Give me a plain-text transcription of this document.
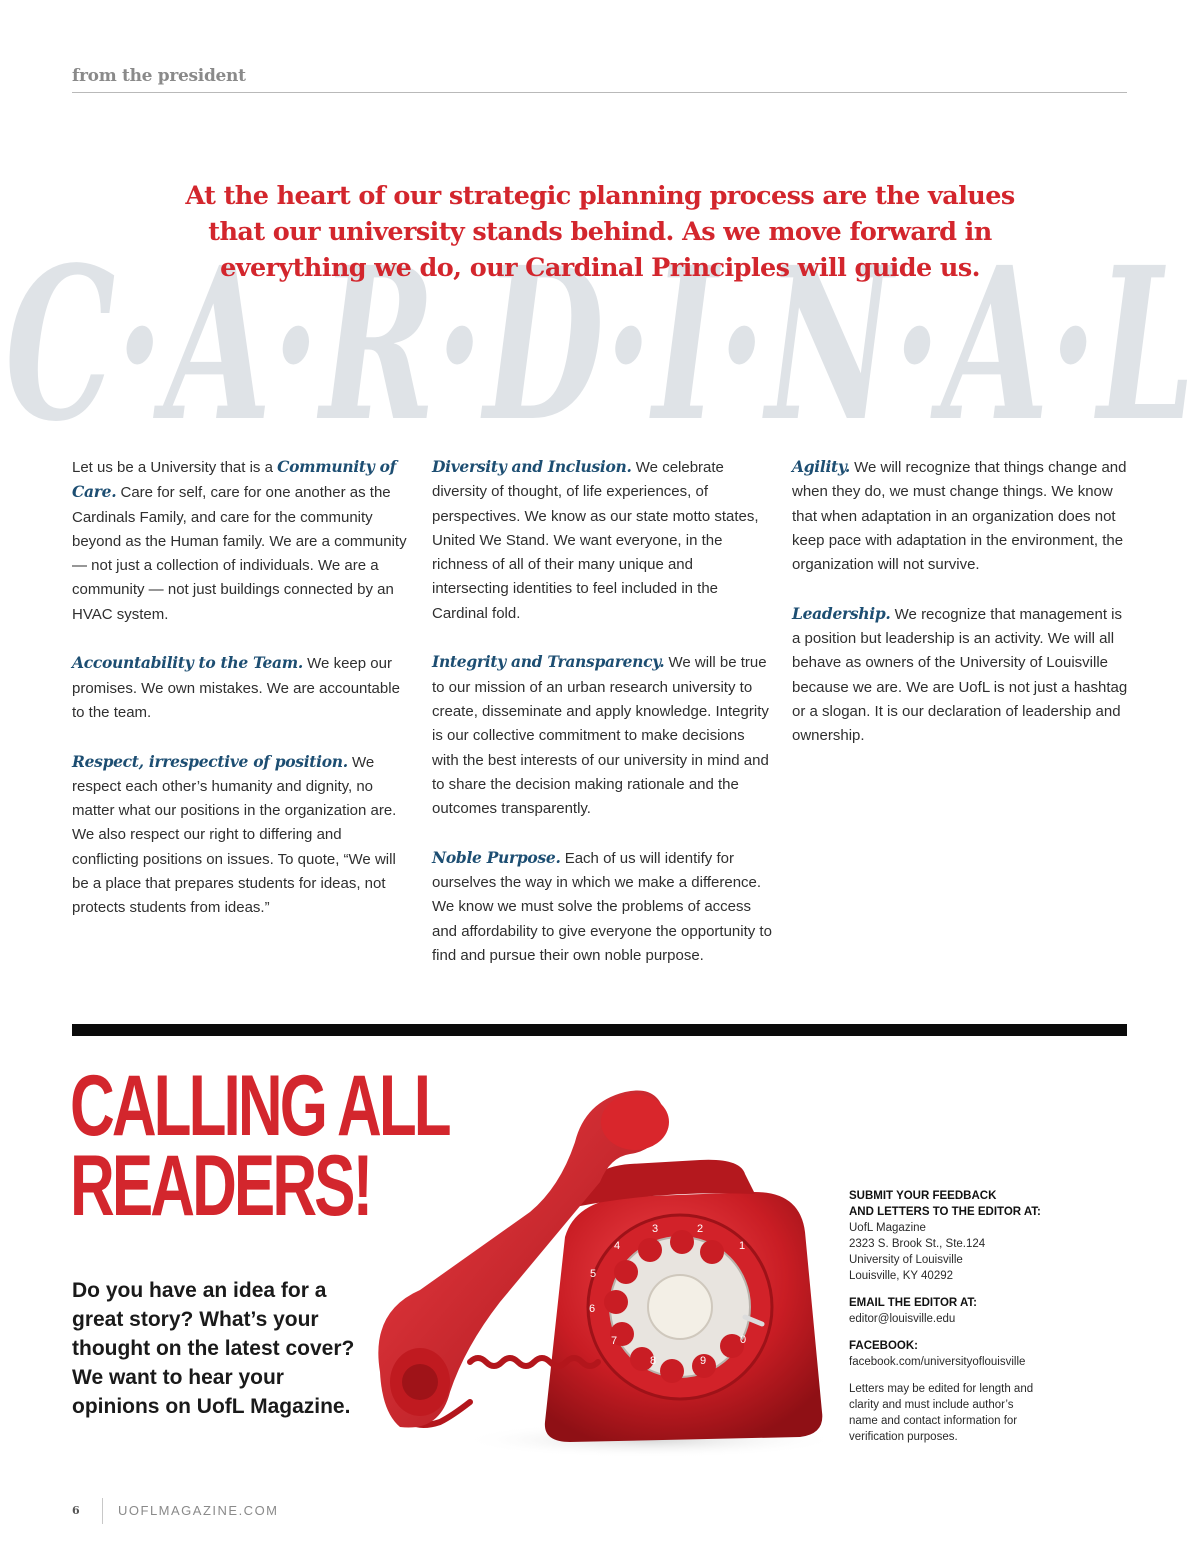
from the president
C·A·R·D·I·N·A·L
At the heart of our strategic planning process are the values
that our university stands behind. As we move forward in
everything we do, our Cardinal Principles will guide us.

Let us be a University that is a Community of Care. Care for self, care for one another as the Cardinals Family, and care for the community beyond as the Human family. We are a community — not just a collection of individuals. We are a community — not just buildings connected by an HVAC system.

Accountability to the Team. We keep our promises. We own mistakes. We are accountable to the team.

Respect, irrespective of position. We respect each other’s humanity and dignity, no matter what our positions in the organization are. We also respect our right to differing and conflicting positions on issues. To quote, “We will be a place that prepares students for ideas, not protects students from ideas.”

Diversity and Inclusion. We celebrate diversity of thought, of life experiences, of perspectives. We know as our state motto states, United We Stand. We want everyone, in the richness of all of their many unique and intersecting identities to feel included in the Cardinal fold.

Integrity and Transparency. We will be true to our mission of an urban research university to create, disseminate and apply knowledge. Integrity is our collective commitment to make decisions with the best interests of our university in mind and to share the decision making rationale and the outcomes transparently.

Noble Purpose. Each of us will identify for ourselves the way in which we make a difference. We know we must solve the problems of access and affordability to give everyone the opportunity to find and pursue their own noble purpose.

Agility. We will recognize that things change and when they do, we must change things. We know that when adaptation in an organization does not keep pace with adaptation in the environment, the organization will not survive.

Leadership. We recognize that management is a position but leadership is an activity. We will all behave as owners of the University of Louisville because we are. We are UofL is not just a hashtag or a slogan. It is our declaration of leadership and ownership.

CALLING ALL
READERS!
Do you have an idea for a great story? What’s your thought on the latest cover? We want to hear your opinions on UofL Magazine.
1
2
3
4
5
6
7
8	9
0
SUBMIT YOUR FEEDBACK
AND LETTERS TO THE EDITOR AT:
UofL Magazine
2323 S. Brook St., Ste.124
University of Louisville
Louisville, KY 40292
EMAIL THE EDITOR AT:
editor@louisville.edu
FACEBOOK:
facebook.com/universityoflouisville
Letters may be edited for length and
clarity and must include author’s
name and contact information for
verification purposes.
6	UOFLMAGAZINE.COM
